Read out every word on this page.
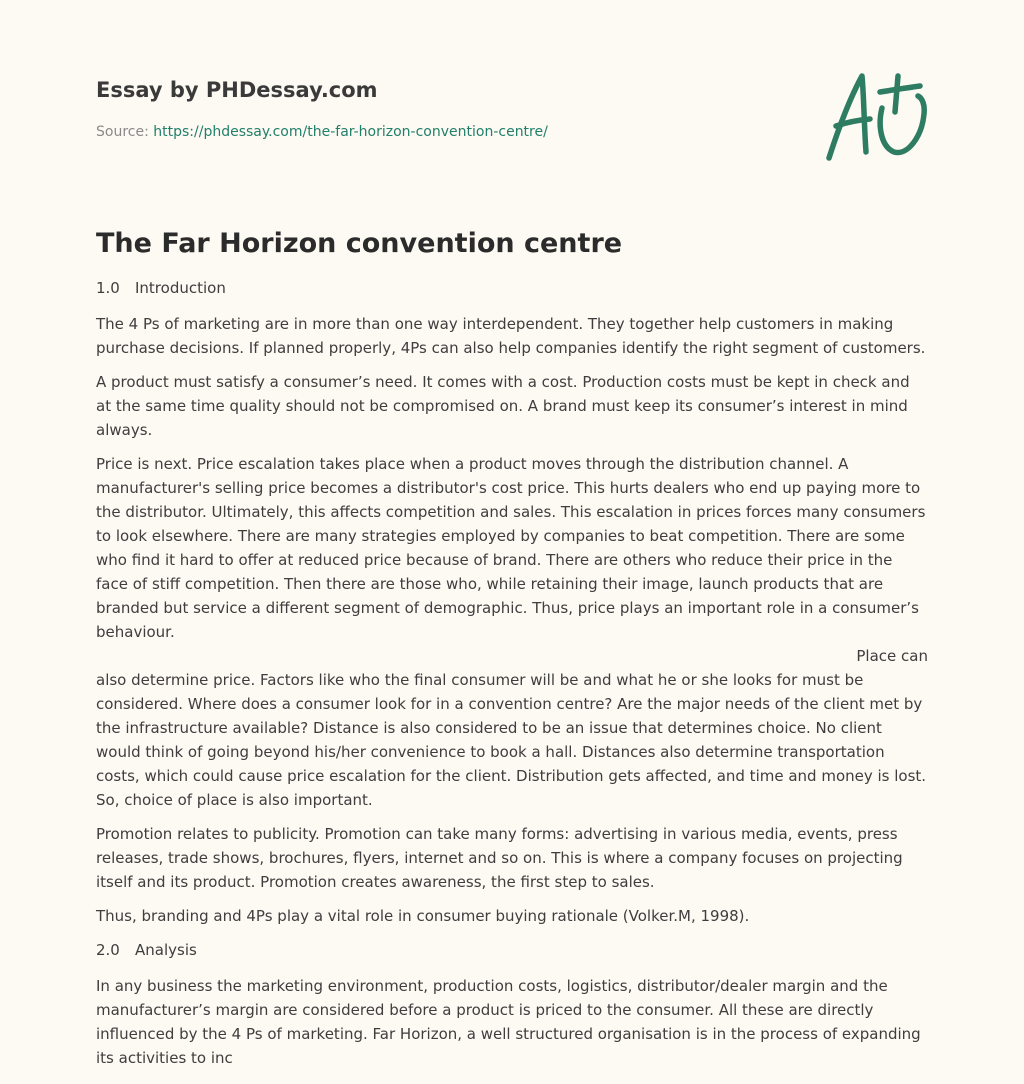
Essay by PHDessay.com
Source: https://phdessay.com/the-far-horizon-convention-centre/
The Far Horizon convention centre

1.0 Introduction

The 4 Ps of marketing are in more than one way interdependent. They together help customers in making purchase decisions. If planned properly, 4Ps can also help companies identify the right segment of customers.

A product must satisfy a consumer’s need. It comes with a cost. Production costs must be kept in check and at the same time quality should not be compromised on. A brand must keep its consumer’s interest in mind always.

Price is next. Price escalation takes place when a product moves through the distribution channel. A manufacturer's selling price becomes a distributor's cost price. This hurts dealers who end up paying more to the distributor. Ultimately, this affects competition and sales. This escalation in prices forces many consumers to look elsewhere. There are many strategies employed by companies to beat competition. There are some who find it hard to offer at reduced price because of brand. There are others who reduce their price in the face of stiff competition. Then there are those who, while retaining their image, launch products that are branded but service a different segment of demographic. Thus, price plays an important role in a consumer’s behaviour.
Place can
also determine price. Factors like who the final consumer will be and what he or she looks for must be considered. Where does a consumer look for in a convention centre? Are the major needs of the client met by the infrastructure available? Distance is also considered to be an issue that determines choice. No client would think of going beyond his/her convenience to book a hall. Distances also determine transportation costs, which could cause price escalation for the client. Distribution gets affected, and time and money is lost. So, choice of place is also important.

Promotion relates to publicity. Promotion can take many forms: advertising in various media, events, press releases, trade shows, brochures, flyers, internet and so on. This is where a company focuses on projecting itself and its product. Promotion creates awareness, the first step to sales.

Thus, branding and 4Ps play a vital role in consumer buying rationale (Volker.M, 1998).

2.0 Analysis

In any business the marketing environment, production costs, logistics, distributor/dealer margin and the manufacturer’s margin are considered before a product is priced to the consumer. All these are directly influenced by the 4 Ps of marketing. Far Horizon, a well structured organisation is in the process of expanding its activities to inc
